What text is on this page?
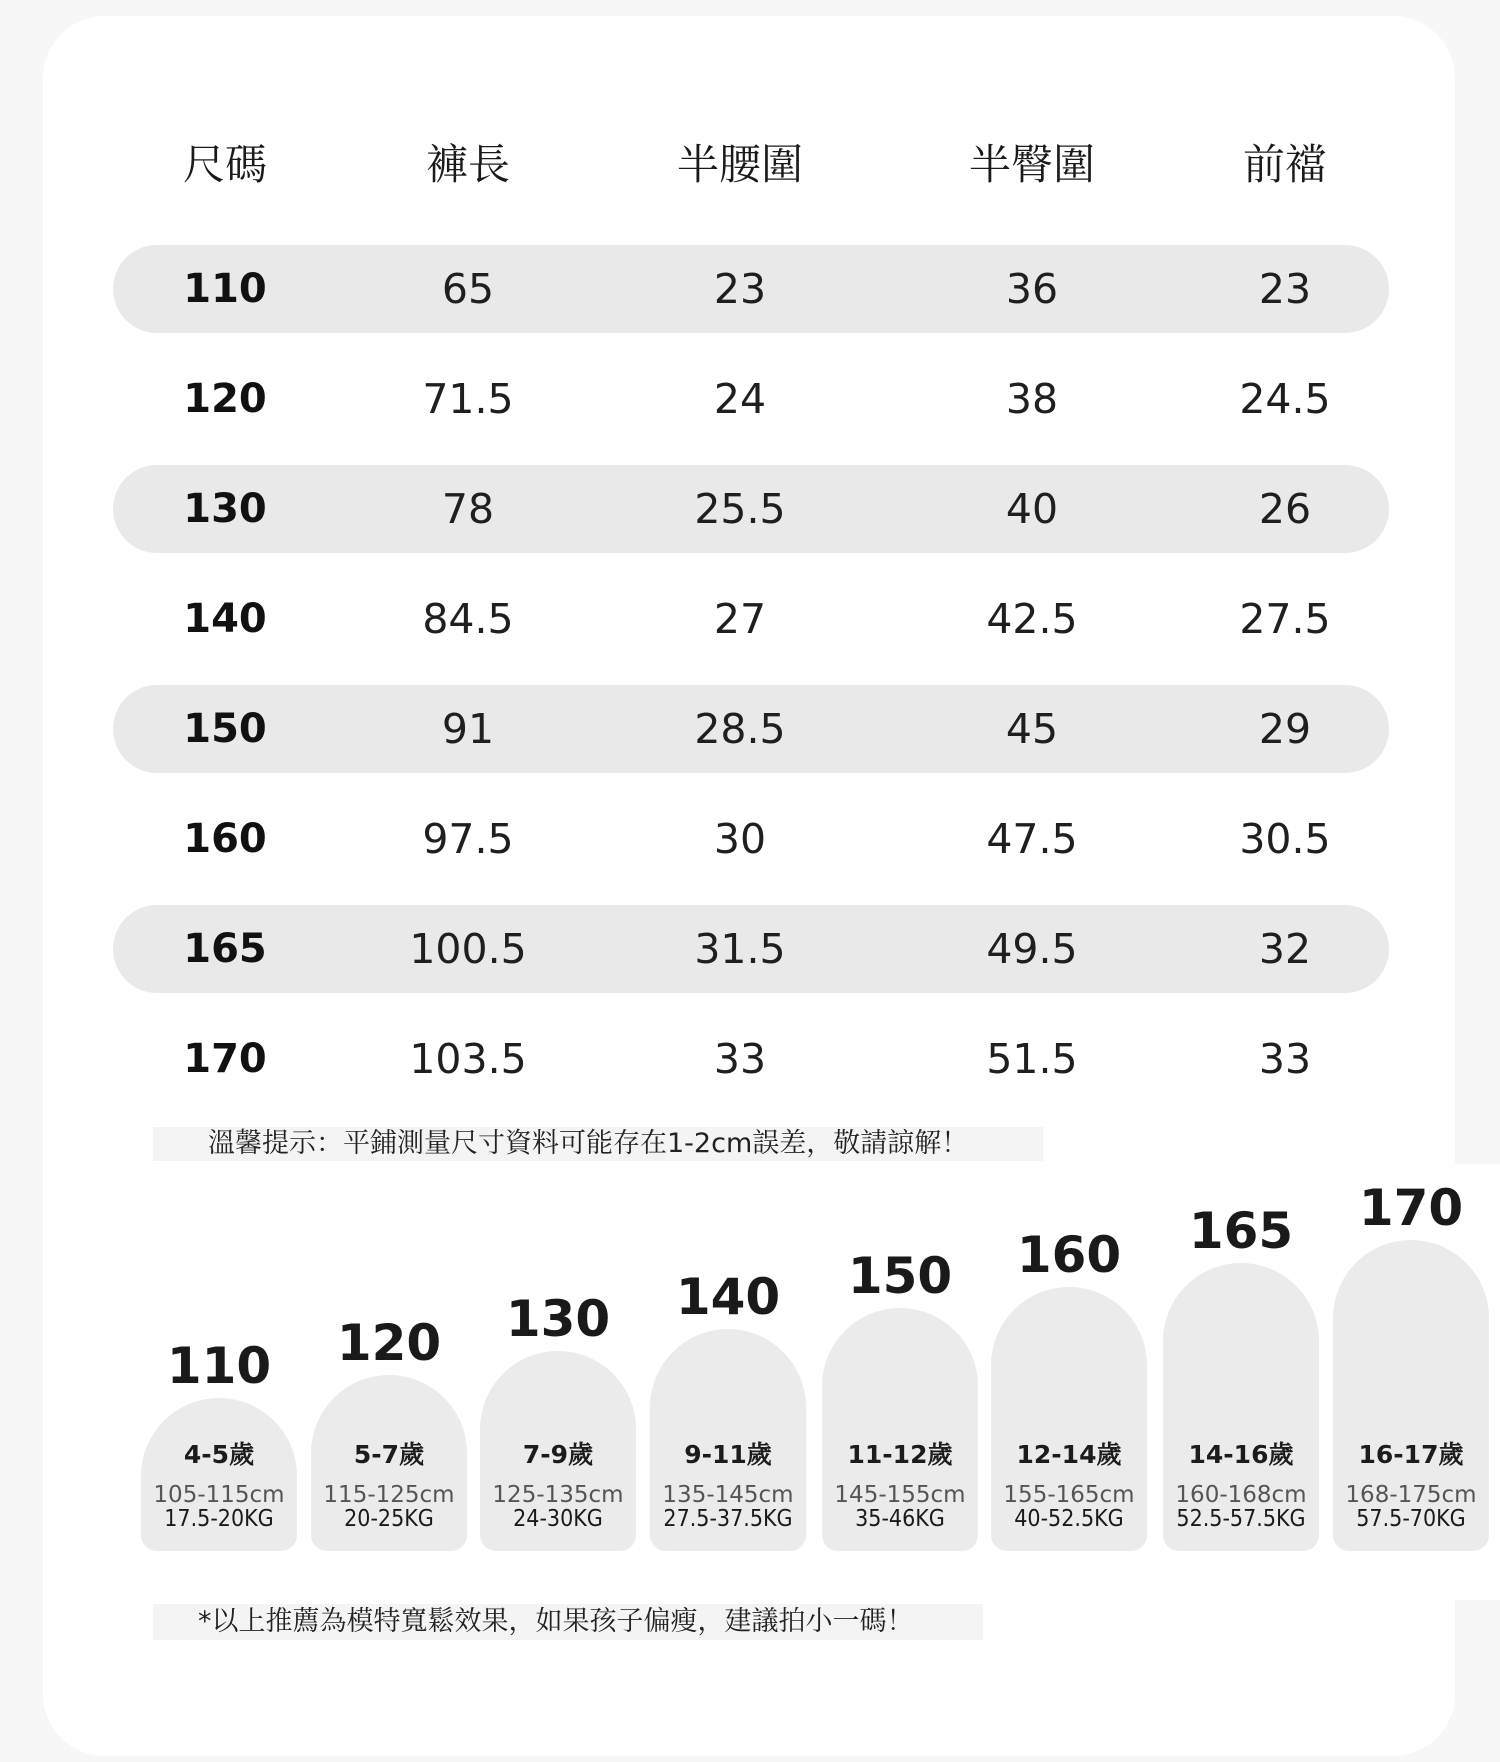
尺碼	褲長	半腰圍	半臀圍	前襠
110	65	23	36	23
120	71.5	24	38	24.5
130	78	25.5	40	26
140	84.5	27	42.5	27.5
150	91	28.5	45	29
160	97.5	30	47.5	30.5
165	100.5	31.5	49.5	32
170	103.5	33	51.5	33
溫馨提示：平鋪測量尺寸資料可能存在1-2cm誤差，敬請諒解！
110
4-5歲
105-115cm
17.5-20KG
120
5-7歲
115-125cm
20-25KG
130
7-9歲
125-135cm
24-30KG
140
9-11歲
135-145cm
27.5-37.5KG
150
11-12歲
145-155cm
35-46KG
160
12-14歲
155-165cm
40-52.5KG
165
14-16歲
160-168cm
52.5-57.5KG
170
16-17歲
168-175cm
57.5-70KG
*以上推薦為模特寬鬆效果，如果孩子偏瘦，建議拍小一碼！
